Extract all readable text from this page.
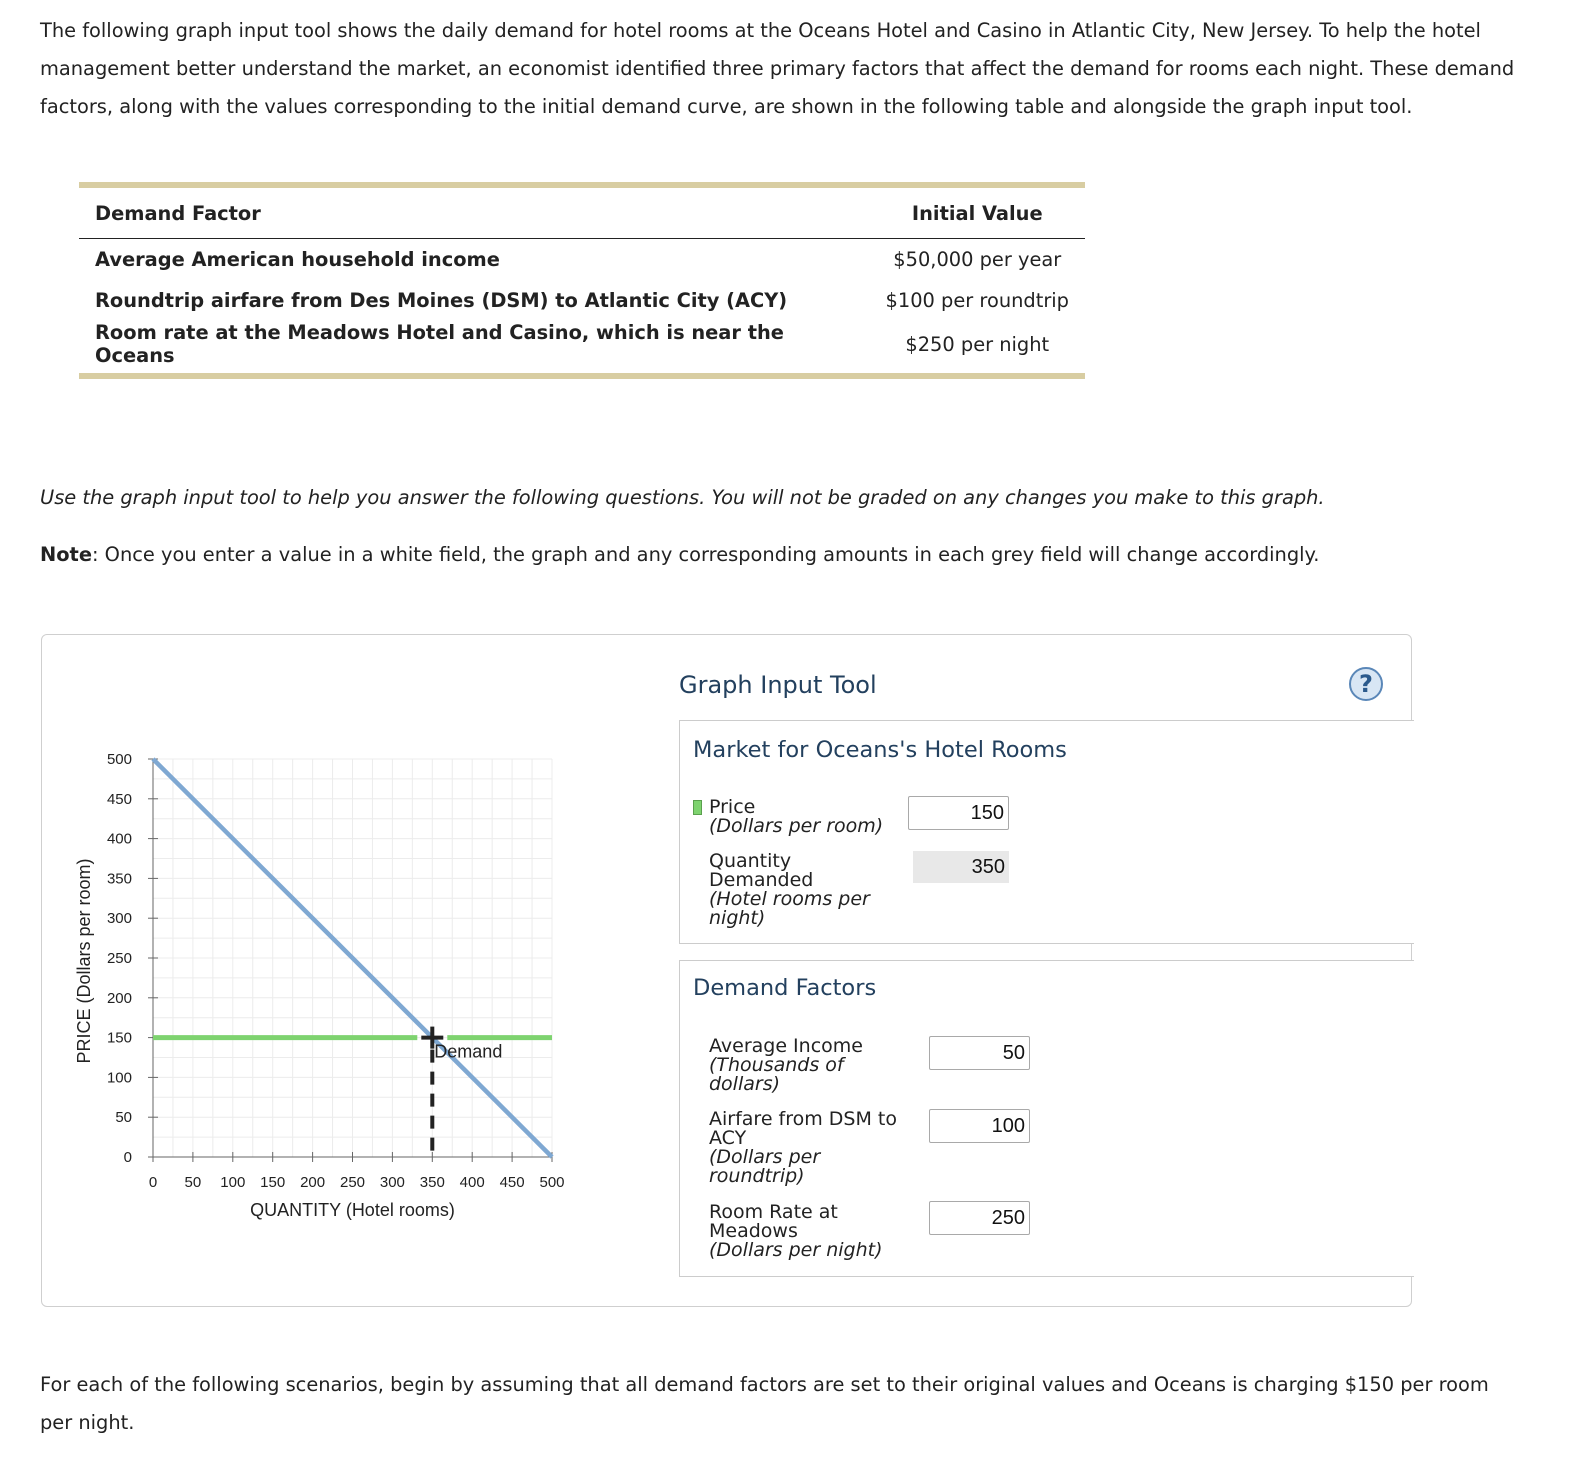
The following graph input tool shows the daily demand for hotel rooms at the Oceans Hotel and Casino in Atlantic City, New Jersey. To help the hotel management better understand the market, an economist identified three primary factors that affect the demand for rooms each night. These demand factors, along with the values corresponding to the initial demand curve, are shown in the following table and alongside the graph input tool.

Demand Factor	Initial Value
Average American household income	$50,000 per year
Roundtrip airfare from Des Moines (DSM) to Atlantic City (ACY)	$100 per roundtrip
Room rate at the Meadows Hotel and Casino, which is near the Oceans	$250 per night

Use the graph input tool to help you answer the following questions. You will not be graded on any changes you make to this graph.

Note: Once you enter a value in a white field, the graph and any corresponding amounts in each grey field will change accordingly.

0
50
100
150
200
250
300
350
400
450
500
0 50 100 150 200 250 300 350 400 450 500
QUANTITY (Hotel rooms)
PRICE (Dollars per room)	Demand
Graph Input Tool	?
Market for Oceans's Hotel Rooms
Price
(Dollars per room)
150
Quantity
Demanded
(Hotel rooms per
night)
350
Demand Factors
Average Income
(Thousands of
dollars)
50
Airfare from DSM to
ACY
(Dollars per
roundtrip)
100
Room Rate at
Meadows
(Dollars per night)
250

For each of the following scenarios, begin by assuming that all demand factors are set to their original values and Oceans is charging $150 per room per night.
